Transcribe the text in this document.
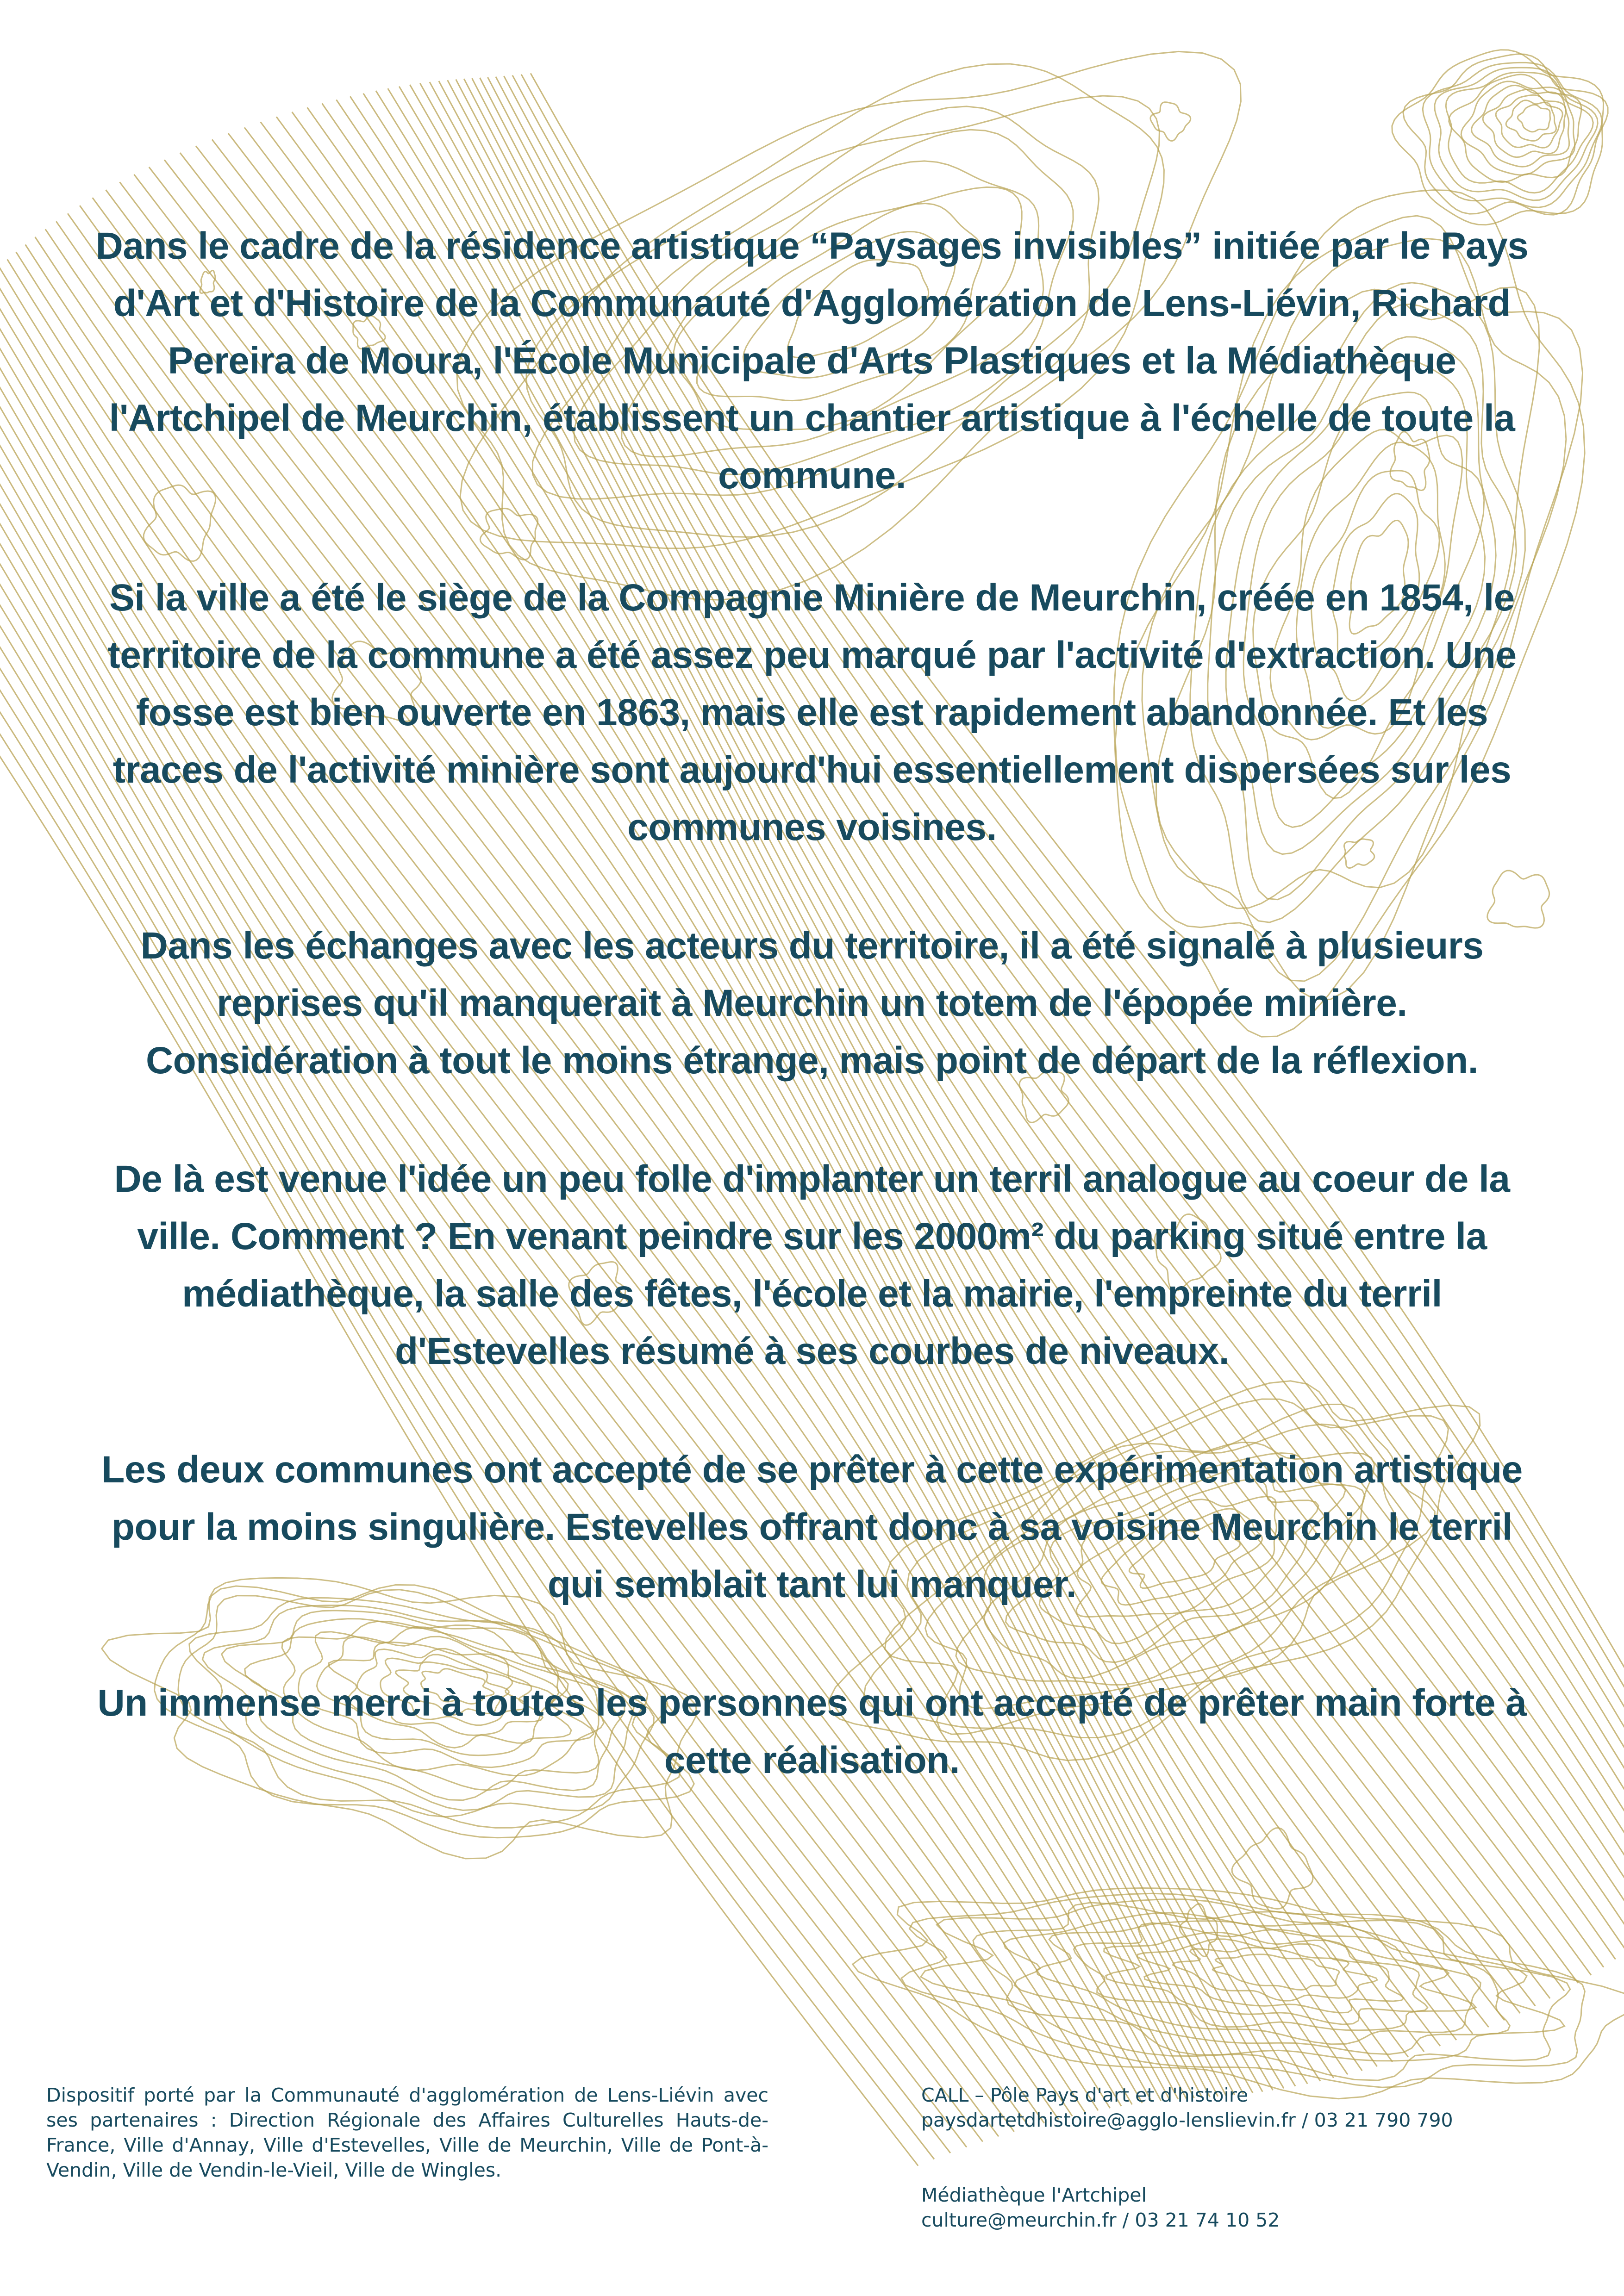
Dans le cadre de la résidence artistique “Paysages invisibles” initiée par le Pays d'Art et d'Histoire de la Communauté d'Agglomération de Lens-Liévin, Richard Pereira de Moura, l'École Municipale d'Arts Plastiques et la Médiathèque l'Artchipel de Meurchin, établissent un chantier artistique à l'échelle de toute la commune.

Si la ville a été le siège de la Compagnie Minière de Meurchin, créée en 1854, le territoire de la commune a été assez peu marqué par l'activité d'extraction. Une fosse est bien ouverte en 1863, mais elle est rapidement abandonnée. Et les traces de l'activité minière sont aujourd'hui essentiellement dispersées sur les communes voisines.

Dans les échanges avec les acteurs du territoire, il a été signalé à plusieurs reprises qu'il manquerait à Meurchin un totem de l'épopée minière. Considération à tout le moins étrange, mais point de départ de la réflexion.

De là est venue l'idée un peu folle d'implanter un terril analogue au coeur de la ville. Comment ? En venant peindre sur les 2000m² du parking situé entre la médiathèque, la salle des fêtes, l'école et la mairie, l'empreinte du terril d'Estevelles résumé à ses courbes de niveaux.

Les deux communes ont accepté de se prêter à cette expérimentation artistique pour la moins singulière. Estevelles offrant donc à sa voisine Meurchin le terril qui semblait tant lui manquer.

Un immense merci à toutes les personnes qui ont accepté de prêter main forte à cette réalisation.

Dispositif porté par la Communauté d'agglomération de Lens-Liévin avec ses partenaires : Direction Régionale des Affaires Culturelles Hauts-de-France, Ville d'Annay, Ville d'Estevelles, Ville de Meurchin, Ville de Pont-à-Vendin, Ville de Vendin-le-Vieil, Ville de Wingles.
CALL – Pôle Pays d'art et d'histoire
paysdartetdhistoire@agglo-lenslievin.fr / 03 21 790 790
Médiathèque l'Artchipel
culture@meurchin.fr / 03 21 74 10 52
